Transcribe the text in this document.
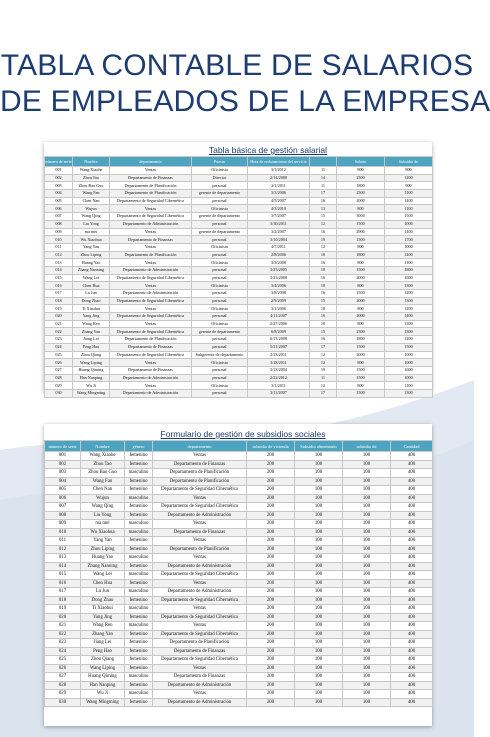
TABLA CONTABLE DE SALARIOS
DE EMPLEADOS DE LA EMPRESA
Tabla básica de gestión salarial
número de serie	Nombre	departamento	Puesto	Hora de reclutamiento del servicio		Salario	Subsidio de
001	Wang Xiaohe	Ventas	Oficinista	3/1/2012	11	800	800
002	Zhou Tao	Departamento de Finanzas	Director	2/14/2008	14	2500	1200
003	Zhou Bao Guo	Departamento de Planificación	personal	2/1/2011	11	1800	900
004	Wang Fan	Departamento de Planificación	gerente de departamento	3/3/2006	17	2500	1100
005	Chen Nan	Departamento de Seguridad Cibernética	personal	4/5/2007	16	2000	1400
006	Wujun	Ventas	Oficinista	4/3/2010	13	800	1100
007	Wang Qing	Departamento de Seguridad Cibernética	gerente de departamento	3/7/2007	15	3000	1500
008	Liu Yong	Departamento de Administración	personal	3/30/2011	12	1500	1000
009	ma mei	Ventas	gerente de departamento	3/2/2007	16	2900	1400
010	Wu Xiaohua	Departamento de Finanzas	personal	3/10/2004	19	1500	1700
011	Yang Yan	Ventas	Oficinista	4/7/2011	12	800	1000
012	Zhou Liping	Departamento de Planificación	personal	2/8/2006	18	1800	1400
013	Huang Yao	Ventas	Oficinista	3/3/2008	16	800	1100
014	Zhang Nanning	Departamento de Administración	personal	3/25/2005	18	1500	1800
015	Wang Lei	Departamento de Seguridad Cibernética	personal	3/23/2008	16	2000	1600
016	Chen Hua	Ventas	Oficinista	3/4/2006	18	800	1300
017	Lu Jun	Departamento de Administración	personal	3/8/2008	16	1500	1200
018	Dong Zhao	Departamento de Seguridad Cibernética	personal	2/9/2009	15	2000	1300
019	Ti Xiaohui	Ventas	Oficinista	3/1/2006	18	800	1200
020	Yang Jing	Departamento de Seguridad Cibernética	personal	4/11/2007	16	2000	1400
021	Wang Ren	Ventas	Oficinista	2/27/2006	18	800	1300
022	Zhang Yan	Departamento de Seguridad Cibernética	gerente de departamento	6/8/2009	15	2300	1300
023	Jiang Lei	Departamento de Planificación	personal	6/13/2008	16	1800	1200
024	Peng Hao	Departamento de Finanzas	personal	5/21/2007	17	1500	1500
025	Zhou Qiang	Departamento de Seguridad Cibernética	Subgerente de departamento	2/23/2011	12	2000	1000
026	Wang Liping	Ventas	Oficinista	3/28/2011	12	800	1000
027	Huang Qiming	Departamento de Finanzas	personal	3/13/2004	19	1500	1600
028	Han Nanping	Departamento de Administración	personal	2/22/2012	11	1500	1000
029	Wu Ji	Ventas	Oficinista	3/1/2011	12	800	1100
030	Wang Mingming	Departamento de Administración	personal	3/11/2007	17	1500	1300
Formulario de gestión de subsidios sociales
número de serie	Nombre	género	departamento	subsidio de vivienda	Subsidio alimentario	subsidio de	Cantidad
001	Wang Xiaohe	femenino	Ventas	200	100	100	400
002	Zhou Tao	femenino	Departamento de Finanzas	200	100	100	400
003	Zhou Bao Guo	masculino	Departamento de Planificación	200	100	100	400
004	Wang Fan	femenino	Departamento de Planificación	200	100	100	400
005	Chen Nan	femenino	Departamento de Seguridad Cibernética	200	100	100	400
006	Wujun	masculino	Ventas	200	100	100	400
007	Wang Qing	femenino	Departamento de Seguridad Cibernética	200	100	100	400
008	Liu Yong	femenino	Departamento de Administración	200	100	100	400
009	ma mei	masculino	Ventas	200	100	100	400
010	Wu Xiaohua	masculino	Departamento de Finanzas	200	100	100	400
011	Yang Yan	femenino	Ventas	200	100	100	400
012	Zhou Liping	femenino	Departamento de Planificación	200	100	100	400
013	Huang Yao	masculino	Ventas	200	100	100	400
014	Zhang Nanning	femenino	Departamento de Administración	200	100	100	400
015	Wang Lei	masculino	Departamento de Seguridad Cibernética	200	100	100	400
016	Chen Hua	femenino	Ventas	200	100	100	400
017	Lu Jun	masculino	Departamento de Administración	200	100	100	400
018	Dong Zhao	femenino	Departamento de Seguridad Cibernética	200	100	100	400
019	Ti Xiaohui	masculino	Ventas	200	100	100	400
020	Yang Jing	femenino	Departamento de Seguridad Cibernética	200	100	100	400
021	Wang Ren	masculino	Ventas	200	100	100	400
022	Zhang Yan	femenino	Departamento de Seguridad Cibernética	200	100	100	400
023	Jiang Lei	femenino	Departamento de Planificación	200	100	100	400
024	Peng Hao	femenino	Departamento de Finanzas	200	100	100	400
025	Zhou Qiang	femenino	Departamento de Seguridad Cibernética	200	100	100	400
026	Wang Liping	femenino	Ventas	200	100	100	400
027	Huang Qiming	masculino	Departamento de Finanzas	200	100	100	400
028	Han Nanping	femenino	Departamento de Administración	200	100	100	400
029	Wu Ji	masculino	Ventas	200	100	100	400
030	Wang Mingming	femenino	Departamento de Administración	200	100	100	400
